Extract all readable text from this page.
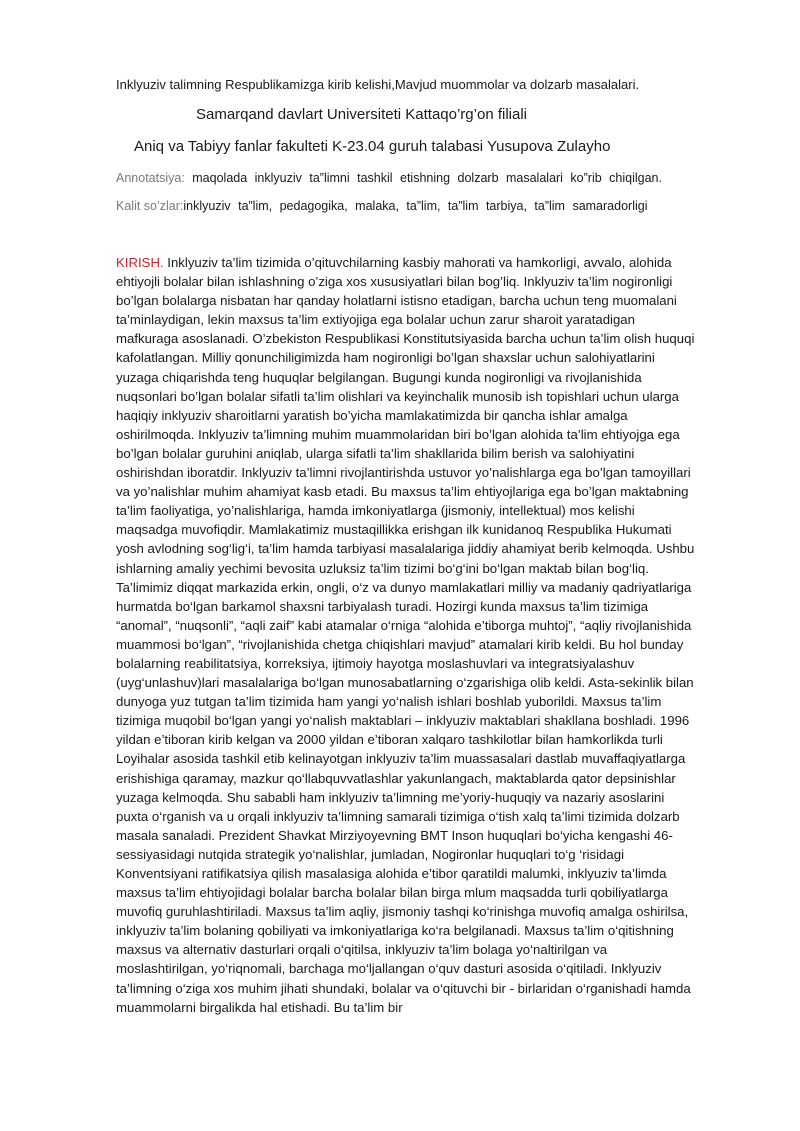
Inklyuziv talimning Respublikamizga kirib kelishi,Mavjud muommolar va dolzarb masalalari.
Samarqand davlart Universiteti Kattaqo’rg’on filiali
Aniq va Tabiyy fanlar fakulteti K-23.04 guruh talabasi Yusupova Zulayho
Annotatsiya: maqolada inklyuziv ta”limni tashkil etishning dolzarb masalalari ko”rib chiqilgan.
Kalit so’zlar:inklyuziv ta”lim, pedagogika, malaka, ta”lim, ta”lim tarbiya, ta”lim samaradorligi

KIRISH. Inklyuziv ta’lim tizimida o’qituvchilarning kasbiy mahorati va hamkorligi, avvalo, alohida ehtiyojli bolalar bilan ishlashning o’ziga xos xususiyatlari bilan bog’liq. Inklyuziv ta’lim nogironligi bo’lgan bolalarga nisbatan har qanday holatlarni istisno etadigan, barcha uchun teng muomalani ta’minlaydigan, lekin maxsus ta’lim extiyojiga ega bolalar uchun zarur sharoit yaratadigan mafkuraga asoslanadi. O’zbekiston Respublikasi Konstitutsiyasida barcha uchun ta’lim olish huquqi kafolatlangan. Milliy qonunchiligimizda ham nogironligi bo’lgan shaxslar uchun salohiyatlarini yuzaga chiqarishda teng huquqlar belgilangan. Bugungi kunda nogironligi va rivojlanishida nuqsonlari bo’lgan bolalar sifatli ta’lim olishlari va keyinchalik munosib ish topishlari uchun ularga haqiqiy inklyuziv sharoitlarni yaratish bo’yicha mamlakatimizda bir qancha ishlar amalga oshirilmoqda. Inklyuziv ta’limning muhim muammolaridan biri bo’lgan alohida ta’lim ehtiyojga ega bo’lgan bolalar guruhini aniqlab, ularga sifatli ta’lim shakllarida bilim berish va salohiyatini oshirishdan iboratdir. Inklyuziv ta’limni rivojlantirishda ustuvor yo’nalishlarga ega bo’lgan tamoyillari va yo’nalishlar muhim ahamiyat kasb etadi. Bu maxsus ta’lim ehtiyojlariga ega bo’lgan maktabning ta’lim faoliyatiga, yo’nalishlariga, hamda imkoniyatlarga (jismoniy, intellektual) mos kelishi maqsadga muvofiqdir. Mamlakatimiz mustaqillikka erishgan ilk kunidanoq Respublika Hukumati yosh avlodning sog‘lig‘i, ta’lim hamda tarbiyasi masalalariga jiddiy ahamiyat berib kelmoqda. Ushbu ishlarning amaliy yechimi bevosita uzluksiz ta’lim tizimi bo‘g‘ini bo‘lgan maktab bilan bog‘liq. Ta’limimiz diqqat markazida erkin, ongli, o‘z va dunyo mamlakatlari milliy va madaniy qadriyatlariga hurmatda bo‘lgan barkamol shaxsni tarbiyalash turadi. Hozirgi kunda maxsus ta’lim tizimiga “anomal”, “nuqsonli”, “aqli zaif” kabi atamalar o‘rniga “alohida e’tiborga muhtoj”, “aqliy rivojlanishida muammosi bo‘lgan”, “rivojlanishida chetga chiqishlari mavjud” atamalari kirib keldi. Bu hol bunday bolalarning reabilitatsiya, korreksiya, ijtimoiy hayotga moslashuvlari va integratsiyalashuv (uyg‘unlashuv)lari masalalariga bo‘lgan munosabatlarning o‘zgarishiga olib keldi. Asta-sekinlik bilan dunyoga yuz tutgan ta’lim tizimida ham yangi yo‘nalish ishlari boshlab yuborildi. Maxsus ta’lim tizimiga muqobil bo‘lgan yangi yo‘nalish maktablari – inklyuziv maktablari shakllana boshladi. 1996 yildan e’tiboran kirib kelgan va 2000 yildan e’tiboran xalqaro tashkilotlar bilan hamkorlikda turli Loyihalar asosida tashkil etib kelinayotgan inklyuziv ta’lim muassasalari dastlab muvaffaqiyatlarga erishishiga qaramay, mazkur qo‘llabquvvatlashlar yakunlangach, maktablarda qator depsinishlar yuzaga kelmoqda. Shu sababli ham inklyuziv ta’limning me’yoriy-huquqiy va nazariy asoslarini puxta o‘rganish va u orqali inklyuziv ta’limning samarali tizimiga o‘tish xalq ta’limi tizimida dolzarb masala sanaladi. Prezident Shavkat Mirziyoyevning BMT Inson huquqlari bo‘yicha kengashi 46- sessiyasidagi nutqida strategik yo‘nalishlar, jumladan, Nogironlar huquqlari to‘g ‘risidagi Konventsiyani ratifikatsiya qilish masalasiga alohida e’tibor qaratildi malumki, inklyuziv ta’limda maxsus ta’lim ehtiyojidagi bolalar barcha bolalar bilan birga mlum maqsadda turli qobiliyatlarga muvofiq guruhlashtiriladi. Maxsus ta’lim aqliy, jismoniy tashqi ko‘rinishga muvofiq amalga oshirilsa, inklyuziv ta’lim bolaning qobiliyati va imkoniyatlariga ko‘ra belgilanadi. Maxsus ta’lim o‘qitishning maxsus va alternativ dasturlari orqali o‘qitilsa, inklyuziv ta’lim bolaga yo‘naltirilgan va moslashtirilgan, yo‘riqnomali, barchaga mo‘ljallangan o‘quv dasturi asosida o‘qitiladi. Inklyuziv ta’limning o‘ziga xos muhim jihati shundaki, bolalar va o‘qituvchi bir - birlaridan o‘rganishadi hamda muammolarni birgalikda hal etishadi. Bu ta’lim bir
